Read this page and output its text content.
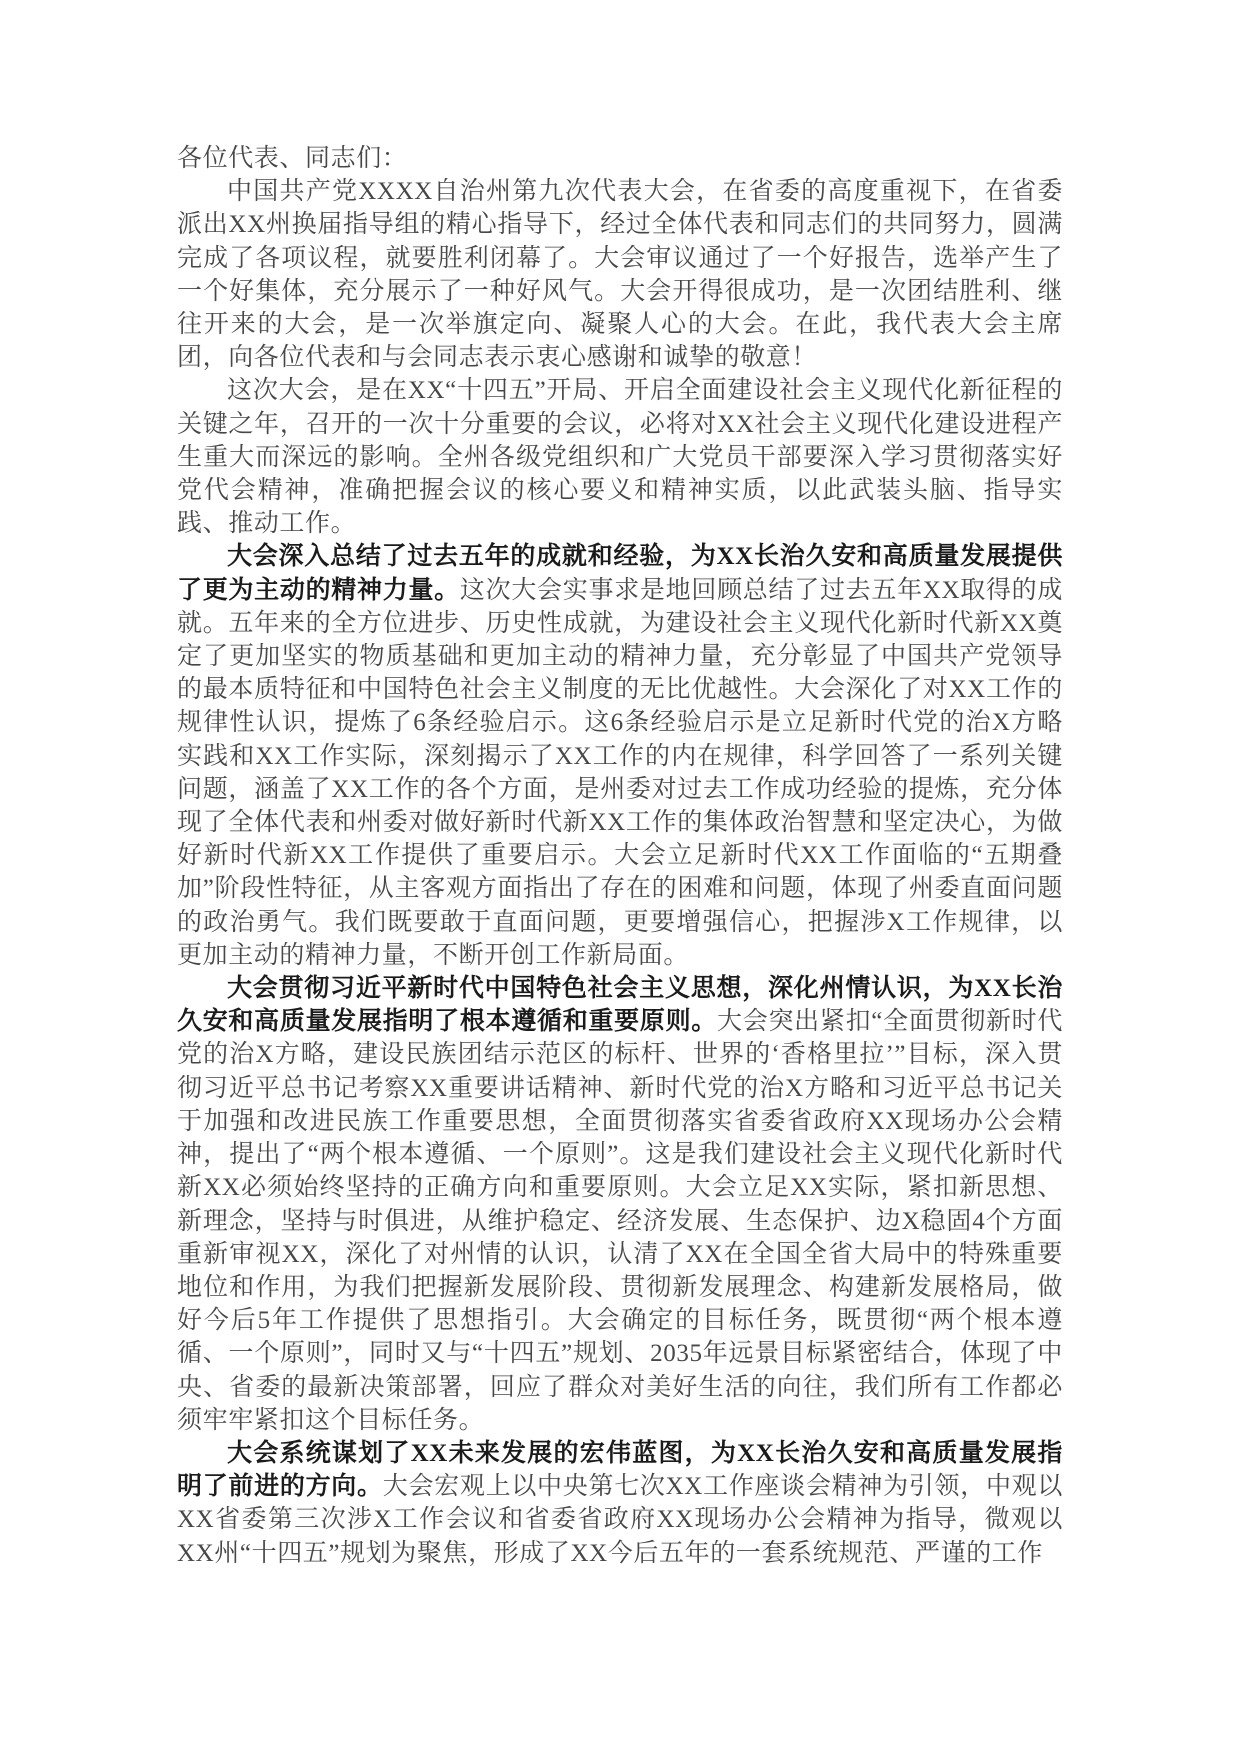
各位代表、同志们：

中国共产党XXXX自治州第九次代表大会，在省委的高度重视下，在省委派出XX州换届指导组的精心指导下，经过全体代表和同志们的共同努力，圆满完成了各项议程，就要胜利闭幕了。大会审议通过了一个好报告，选举产生了一个好集体，充分展示了一种好风气。大会开得很成功，是一次团结胜利、继往开来的大会，是一次举旗定向、凝聚人心的大会。在此，我代表大会主席团，向各位代表和与会同志表示衷心感谢和诚挚的敬意！

这次大会，是在XX“十四五”开局、开启全面建设社会主义现代化新征程的关键之年，召开的一次十分重要的会议，必将对XX社会主义现代化建设进程产生重大而深远的影响。全州各级党组织和广大党员干部要深入学习贯彻落实好党代会精神，准确把握会议的核心要义和精神实质，以此武装头脑、指导实践、推动工作。

大会深入总结了过去五年的成就和经验，为XX长治久安和高质量发展提供了更为主动的精神力量。这次大会实事求是地回顾总结了过去五年XX取得的成就。五年来的全方位进步、历史性成就，为建设社会主义现代化新时代新XX奠定了更加坚实的物质基础和更加主动的精神力量，充分彰显了中国共产党领导的最本质特征和中国特色社会主义制度的无比优越性。大会深化了对XX工作的规律性认识，提炼了6条经验启示。这6条经验启示是立足新时代党的治X方略实践和XX工作实际，深刻揭示了XX工作的内在规律，科学回答了一系列关键问题，涵盖了XX工作的各个方面，是州委对过去工作成功经验的提炼，充分体现了全体代表和州委对做好新时代新XX工作的集体政治智慧和坚定决心，为做好新时代新XX工作提供了重要启示。大会立足新时代XX工作面临的“五期叠加”阶段性特征，从主客观方面指出了存在的困难和问题，体现了州委直面问题的政治勇气。我们既要敢于直面问题，更要增强信心，把握涉X工作规律，以更加主动的精神力量，不断开创工作新局面。

大会贯彻习近平新时代中国特色社会主义思想，深化州情认识，为XX长治久安和高质量发展指明了根本遵循和重要原则。大会突出紧扣“全面贯彻新时代党的治X方略，建设民族团结示范区的标杆、世界的‘香格里拉’”目标，深入贯彻习近平总书记考察XX重要讲话精神、新时代党的治X方略和习近平总书记关于加强和改进民族工作重要思想，全面贯彻落实省委省政府XX现场办公会精神，提出了“两个根本遵循、一个原则”。这是我们建设社会主义现代化新时代新XX必须始终坚持的正确方向和重要原则。大会立足XX实际，紧扣新思想、新理念，坚持与时俱进，从维护稳定、经济发展、生态保护、边X稳固4个方面重新审视XX，深化了对州情的认识，认清了XX在全国全省大局中的特殊重要地位和作用，为我们把握新发展阶段、贯彻新发展理念、构建新发展格局，做好今后5年工作提供了思想指引。大会确定的目标任务，既贯彻“两个根本遵循、一个原则”，同时又与“十四五”规划、2035年远景目标紧密结合，体现了中央、省委的最新决策部署，回应了群众对美好生活的向往，我们所有工作都必须牢牢紧扣这个目标任务。

大会系统谋划了XX未来发展的宏伟蓝图，为XX长治久安和高质量发展指明了前进的方向。大会宏观上以中央第七次XX工作座谈会精神为引领，中观以XX省委第三次涉X工作会议和省委省政府XX现场办公会精神为指导，微观以XX州“十四五”规划为聚焦，形成了XX今后五年的一套系统规范、严谨的工作
